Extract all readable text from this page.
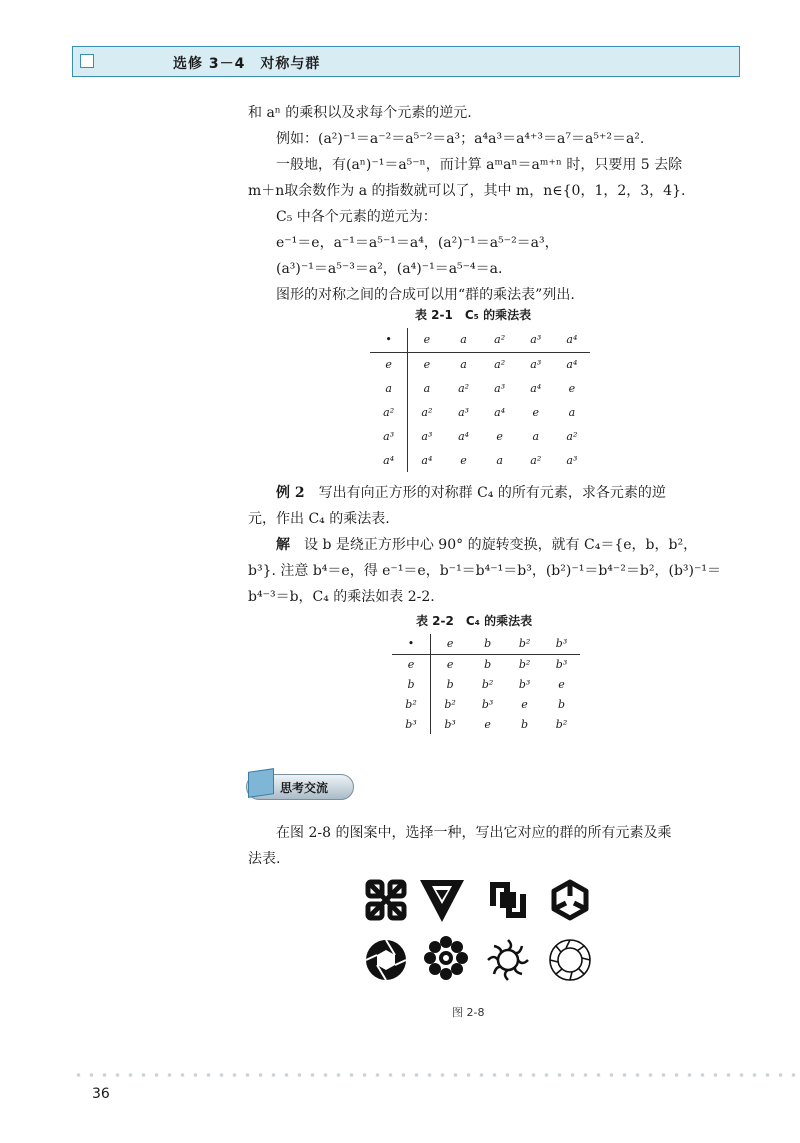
选修 3－4　对称与群

和 aⁿ 的乘积以及求每个元素的逆元.

例如：(a²)⁻¹＝a⁻²＝a⁵⁻²＝a³；a⁴a³＝a⁴⁺³＝a⁷＝a⁵⁺²＝a².

一般地，有(aⁿ)⁻¹＝a⁵⁻ⁿ，而计算 aᵐaⁿ＝aᵐ⁺ⁿ 时，只要用 5 去除

m＋n取余数作为 a 的指数就可以了，其中 m，n∈{0，1，2，3，4}.

C₅ 中各个元素的逆元为：

e⁻¹＝e，a⁻¹＝a⁵⁻¹＝a⁴，(a²)⁻¹＝a⁵⁻²＝a³，

(a³)⁻¹＝a⁵⁻³＝a²，(a⁴)⁻¹＝a⁵⁻⁴＝a.

图形的对称之间的合成可以用“群的乘法表”列出.

表 2-1　C₅ 的乘法表
•	e	a	a²	a³	a⁴
e	e	a	a²	a³	a⁴
a	a	a²	a³	a⁴	e
a²	a²	a³	a⁴	e	a
a³	a³	a⁴	e	a	a²
a⁴	a⁴	e	a	a²	a³

例 2　写出有向正方形的对称群 C₄ 的所有元素，求各元素的逆

元，作出 C₄ 的乘法表.

解　设 b 是绕正方形中心 90° 的旋转变换，就有 C₄＝{e，b，b²，

b³}. 注意 b⁴＝e，得 e⁻¹＝e，b⁻¹＝b⁴⁻¹＝b³，(b²)⁻¹＝b⁴⁻²＝b²，(b³)⁻¹＝

b⁴⁻³＝b，C₄ 的乘法如表 2-2.

表 2-2　C₄ 的乘法表
•	e	b	b²	b³
e	e	b	b²	b³
b	b	b²	b³	e
b²	b²	b³	e	b
b³	b³	e	b	b²
思考交流

在图 2-8 的图案中，选择一种，写出它对应的群的所有元素及乘

法表.

图 2-8
36
